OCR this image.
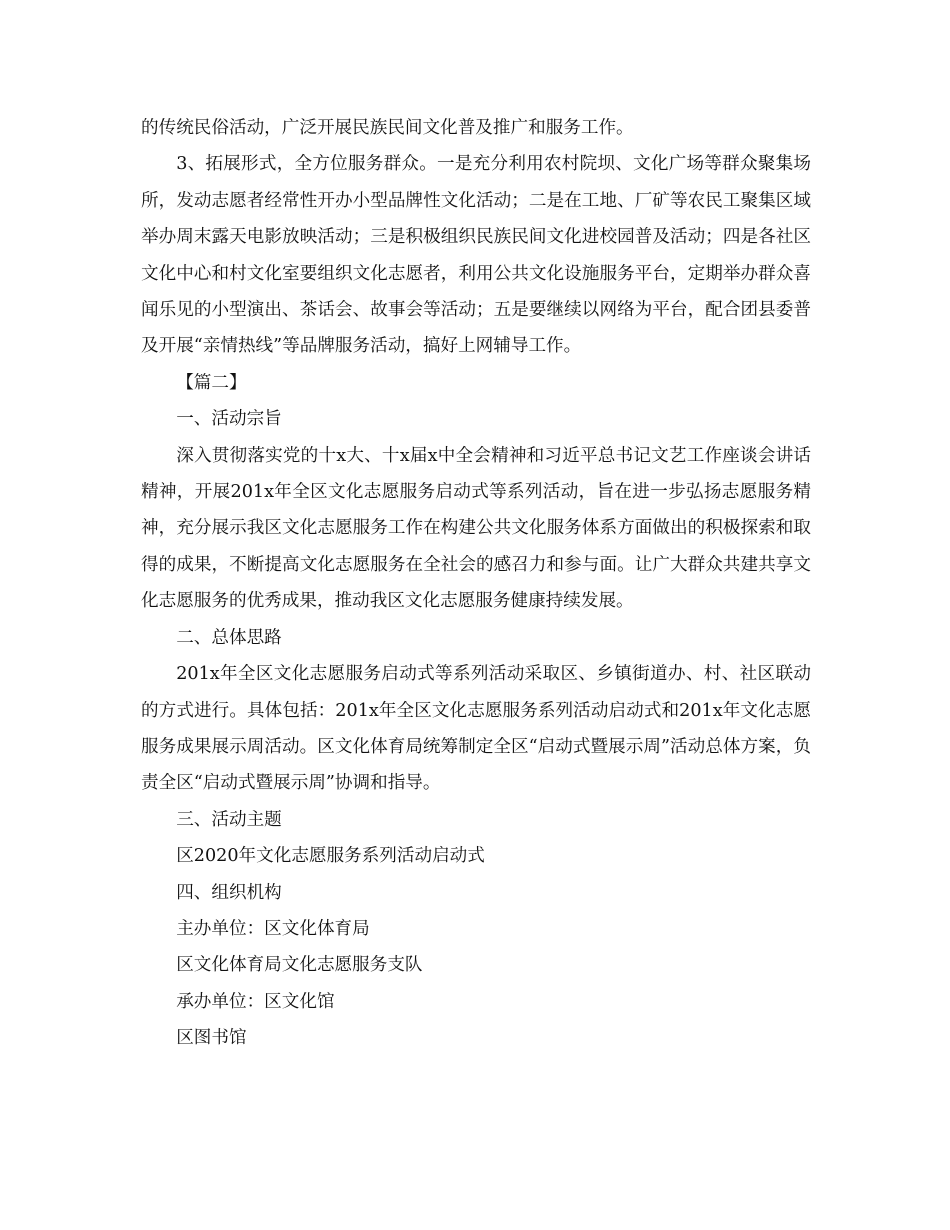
的传统民俗活动，广泛开展民族民间文化普及推广和服务工作。

3、拓展形式，全方位服务群众。一是充分利用农村院坝、文化广场等群众聚集场所，发动志愿者经常性开办小型品牌性文化活动；二是在工地、厂矿等农民工聚集区域举办周末露天电影放映活动；三是积极组织民族民间文化进校园普及活动；四是各社区文化中心和村文化室要组织文化志愿者，利用公共文化设施服务平台，定期举办群众喜闻乐见的小型演出、茶话会、故事会等活动；五是要继续以网络为平台，配合团县委普及开展“亲情热线”等品牌服务活动，搞好上网辅导工作。

【篇二】

一、活动宗旨

深入贯彻落实党的十x大、十x届x中全会精神和习近平总书记文艺工作座谈会讲话精神，开展201x年全区文化志愿服务启动式等系列活动，旨在进一步弘扬志愿服务精神，充分展示我区文化志愿服务工作在构建公共文化服务体系方面做出的积极探索和取得的成果，不断提高文化志愿服务在全社会的感召力和参与面。让广大群众共建共享文化志愿服务的优秀成果，推动我区文化志愿服务健康持续发展。

二、总体思路

201x年全区文化志愿服务启动式等系列活动采取区、乡镇街道办、村、社区联动的方式进行。具体包括：201x年全区文化志愿服务系列活动启动式和201x年文化志愿服务成果展示周活动。区文化体育局统筹制定全区“启动式暨展示周”活动总体方案，负责全区“启动式暨展示周”协调和指导。

三、活动主题

区2020年文化志愿服务系列活动启动式

四、组织机构

主办单位：区文化体育局

区文化体育局文化志愿服务支队

承办单位：区文化馆

区图书馆
